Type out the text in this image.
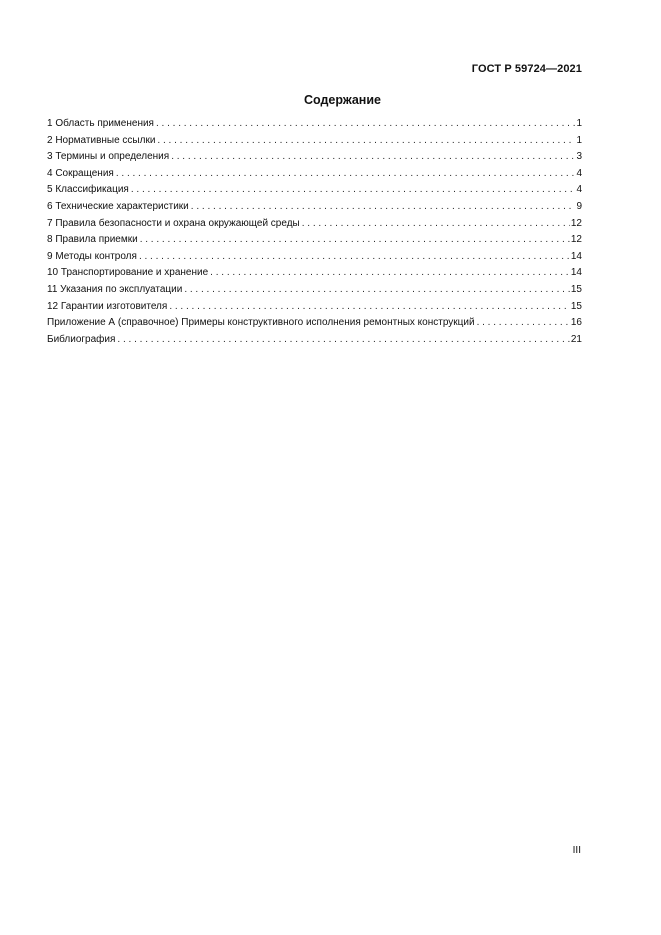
ГОСТ Р 59724—2021
Содержание
1 Область применения . . .	1
2 Нормативные ссылки . . .	1
3 Термины и определения . . .	3
4 Сокращения . . .	4
5 Классификация . . .	4
6 Технические характеристики . . .	9
7 Правила безопасности и охрана окружающей среды . . .	12
8 Правила приемки . . .	12
9 Методы контроля . . .	14
10 Транспортирование и хранение . . .	14
11 Указания по эксплуатации . . .	15
12 Гарантии изготовителя . . .	15
Приложение А (справочное) Примеры конструктивного исполнения ремонтных конструкций . . .	16
Библиография . . .	21
III
